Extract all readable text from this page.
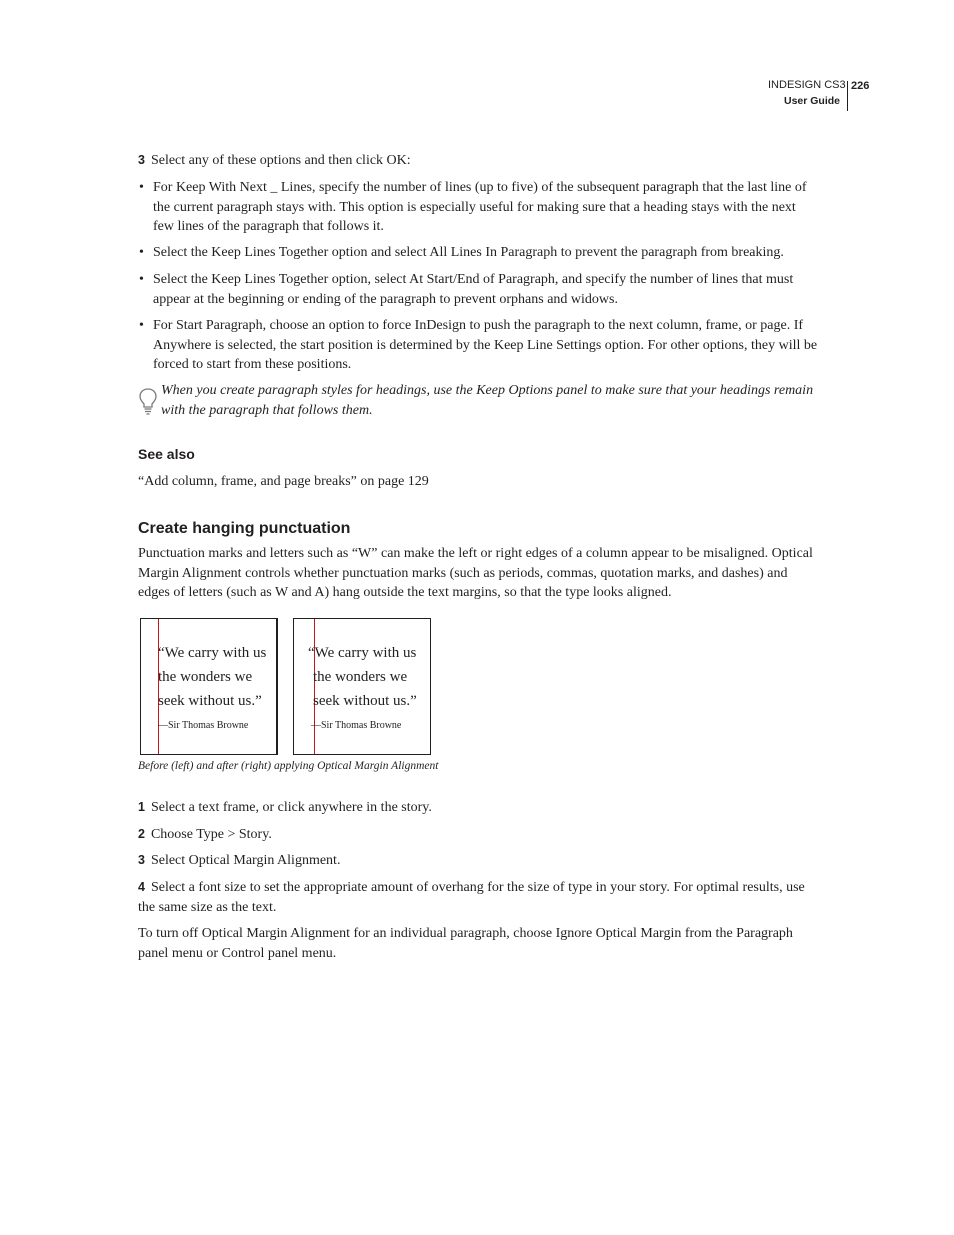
INDESIGN CS3
User Guide
226
3 Select any of these options and then click OK:
• For Keep With Next _ Lines, specify the number of lines (up to five) of the subsequent paragraph that the last line of the current paragraph stays with. This option is especially useful for making sure that a heading stays with the next few lines of the paragraph that follows it.
• Select the Keep Lines Together option and select All Lines In Paragraph to prevent the paragraph from breaking.
• Select the Keep Lines Together option, select At Start/End of Paragraph, and specify the number of lines that must appear at the beginning or ending of the paragraph to prevent orphans and widows.
• For Start Paragraph, choose an option to force InDesign to push the paragraph to the next column, frame, or page. If Anywhere is selected, the start position is determined by the Keep Line Settings option. For other options, they will be forced to start from these positions.
When you create paragraph styles for headings, use the Keep Options panel to make sure that your headings remain with the paragraph that follows them.
See also
“Add column, frame, and page breaks” on page 129
Create hanging punctuation
Punctuation marks and letters such as “W” can make the left or right edges of a column appear to be misaligned. Optical Margin Alignment controls whether punctuation marks (such as periods, commas, quotation marks, and dashes) and edges of letters (such as W and A) hang outside the text margins, so that the type looks aligned.
“We carry with us
the wonders we
seek without us.”
—Sir Thomas Browne
“We carry with us
the wonders we
seek without us.”
—Sir Thomas Browne
Before (left) and after (right) applying Optical Margin Alignment
1 Select a text frame, or click anywhere in the story.
2 Choose Type > Story.
3 Select Optical Margin Alignment.
4 Select a font size to set the appropriate amount of overhang for the size of type in your story. For optimal results, use the same size as the text.
To turn off Optical Margin Alignment for an individual paragraph, choose Ignore Optical Margin from the Paragraph panel menu or Control panel menu.
